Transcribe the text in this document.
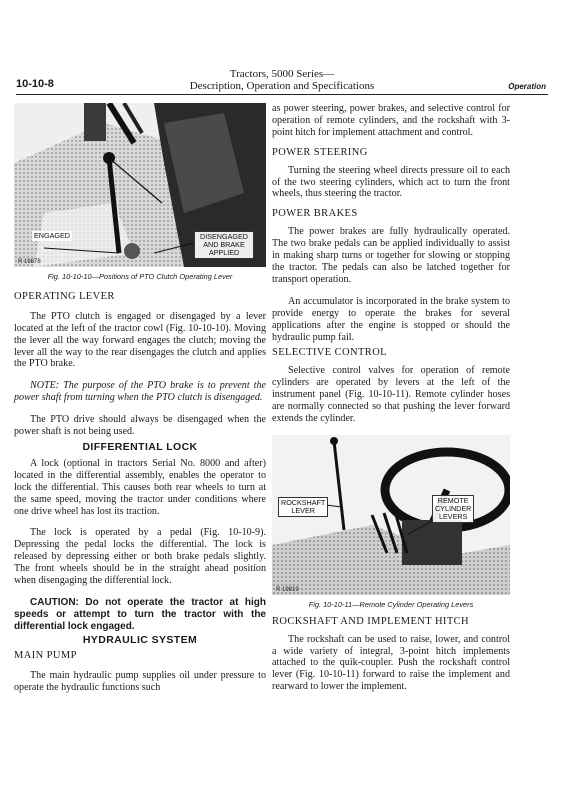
10-10-8
Tractors, 5000 Series—
Description, Operation and Specifications	Operation
ENGAGED	DISENGAGED
AND BRAKE
APPLIED
R 19878
Fig. 10-10-10—Positions of PTO Clutch Operating Lever
OPERATING LEVER

The PTO clutch is engaged or disengaged by a lever located at the left of the tractor cowl (Fig. 10-10-10). Moving the lever all the way forward engages the clutch; moving the lever all the way to the rear disengages the clutch and applies the PTO brake.

NOTE: The purpose of the PTO brake is to prevent the power shaft from turning when the PTO clutch is disengaged.

The PTO drive should always be disengaged when the power shaft is not being used.

DIFFERENTIAL LOCK

A lock (optional in tractors Serial No. 8000 and after) located in the differential assembly, enables the operator to lock the differential. This causes both rear wheels to turn at the same speed, moving the tractor under conditions where one drive wheel has lost its traction.

The lock is operated by a pedal (Fig. 10-10-9). Depressing the pedal locks the differential. The lock is released by depressing either or both brake pedals slightly. The front wheels should be in the straight ahead position when disengaging the differential lock.

CAUTION: Do not operate the tractor at high speeds or attempt to turn the tractor with the differential lock engaged.

HYDRAULIC SYSTEM
MAIN PUMP

The main hydraulic pump supplies oil under pressure to operate the hydraulic functions such

as power steering, power brakes, and selective control for operation of remote cylinders, and the rockshaft with 3-point hitch for implement attachment and control.

POWER STEERING

Turning the steering wheel directs pressure oil to each of the two steering cylinders, which act to turn the front wheels, thus steering the tractor.

POWER BRAKES

The power brakes are fully hydraulically operated. The two brake pedals can be applied individually to assist in making sharp turns or together for slowing or stopping the tractor. The pedals can also be latched together for transport operation.

An accumulator is incorporated in the brake system to provide energy to operate the brakes for several applications after the engine is stopped or should the hydraulic pump fail.

SELECTIVE CONTROL

Selective control valves for operation of remote cylinders are operated by levers at the left of the instrument panel (Fig. 10-10-11). Remote cylinder hoses are normally connected so that pushing the lever forward extends the cylinder.

ROCKSHAFT
LEVER
REMOTE
CYLINDER
LEVERS
R 19819
Fig. 10-10-11—Remote Cylinder Operating Levers
ROCKSHAFT AND IMPLEMENT HITCH

The rockshaft can be used to raise, lower, and control a wide variety of integral, 3-point hitch implements attached to the quik-coupler. Push the rockshaft control lever (Fig. 10-10-11) forward to raise the implement and rearward to lower the implement.
